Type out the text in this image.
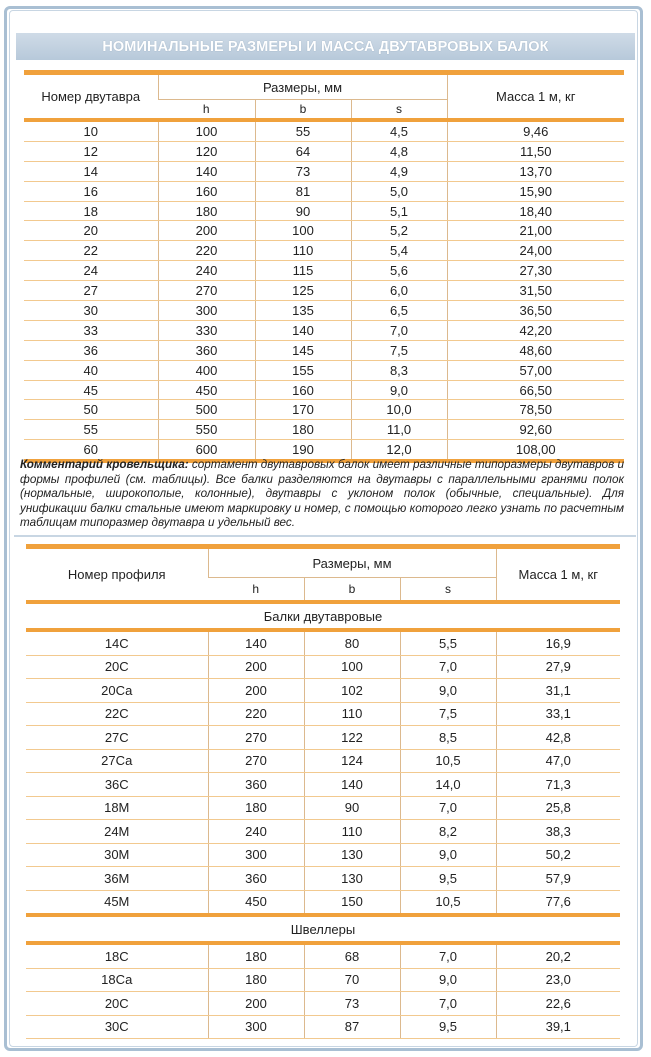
НОМИНАЛЬНЫЕ РАЗМЕРЫ И МАССА ДВУТАВРОВЫХ БАЛОК
Номер двутавра	Размеры, мм			Масса 1 м, кг
	h	b	s	
10	100	55	4,5	9,46
12	120	64	4,8	11,50
14	140	73	4,9	13,70
16	160	81	5,0	15,90
18	180	90	5,1	18,40
20	200	100	5,2	21,00
22	220	110	5,4	24,00
24	240	115	5,6	27,30
27	270	125	6,0	31,50
30	300	135	6,5	36,50
33	330	140	7,0	42,20
36	360	145	7,5	48,60
40	400	155	8,3	57,00
45	450	160	9,0	66,50
50	500	170	10,0	78,50
55	550	180	11,0	92,60
60	600	190	12,0	108,00
Комментарий кровельщика: сортамент двутавровых балок имеет различные типоразмеры двутавров и формы профилей (см. таблицы). Все балки разделяются на двутавры с параллельными гранями полок (нормальные, широкополые, колонные), двутавры с уклоном полок (обычные, специальные). Для унификации балки стальные имеют маркировку и номер, с помощью которого легко узнать по расчетным таблицам типоразмер двутавра и удельный вес.
Номер профиля	Размеры, мм			Масса 1 м, кг
	h	b	s	
Балки двутавровые				
14С	140	80	5,5	16,9
20С	200	100	7,0	27,9
20Са	200	102	9,0	31,1
22С	220	110	7,5	33,1
27С	270	122	8,5	42,8
27Са	270	124	10,5	47,0
36С	360	140	14,0	71,3
18М	180	90	7,0	25,8
24М	240	110	8,2	38,3
30М	300	130	9,0	50,2
36М	360	130	9,5	57,9
45М	450	150	10,5	77,6
Швеллеры				
18С	180	68	7,0	20,2
18Са	180	70	9,0	23,0
20С	200	73	7,0	22,6
30С	300	87	9,5	39,1
